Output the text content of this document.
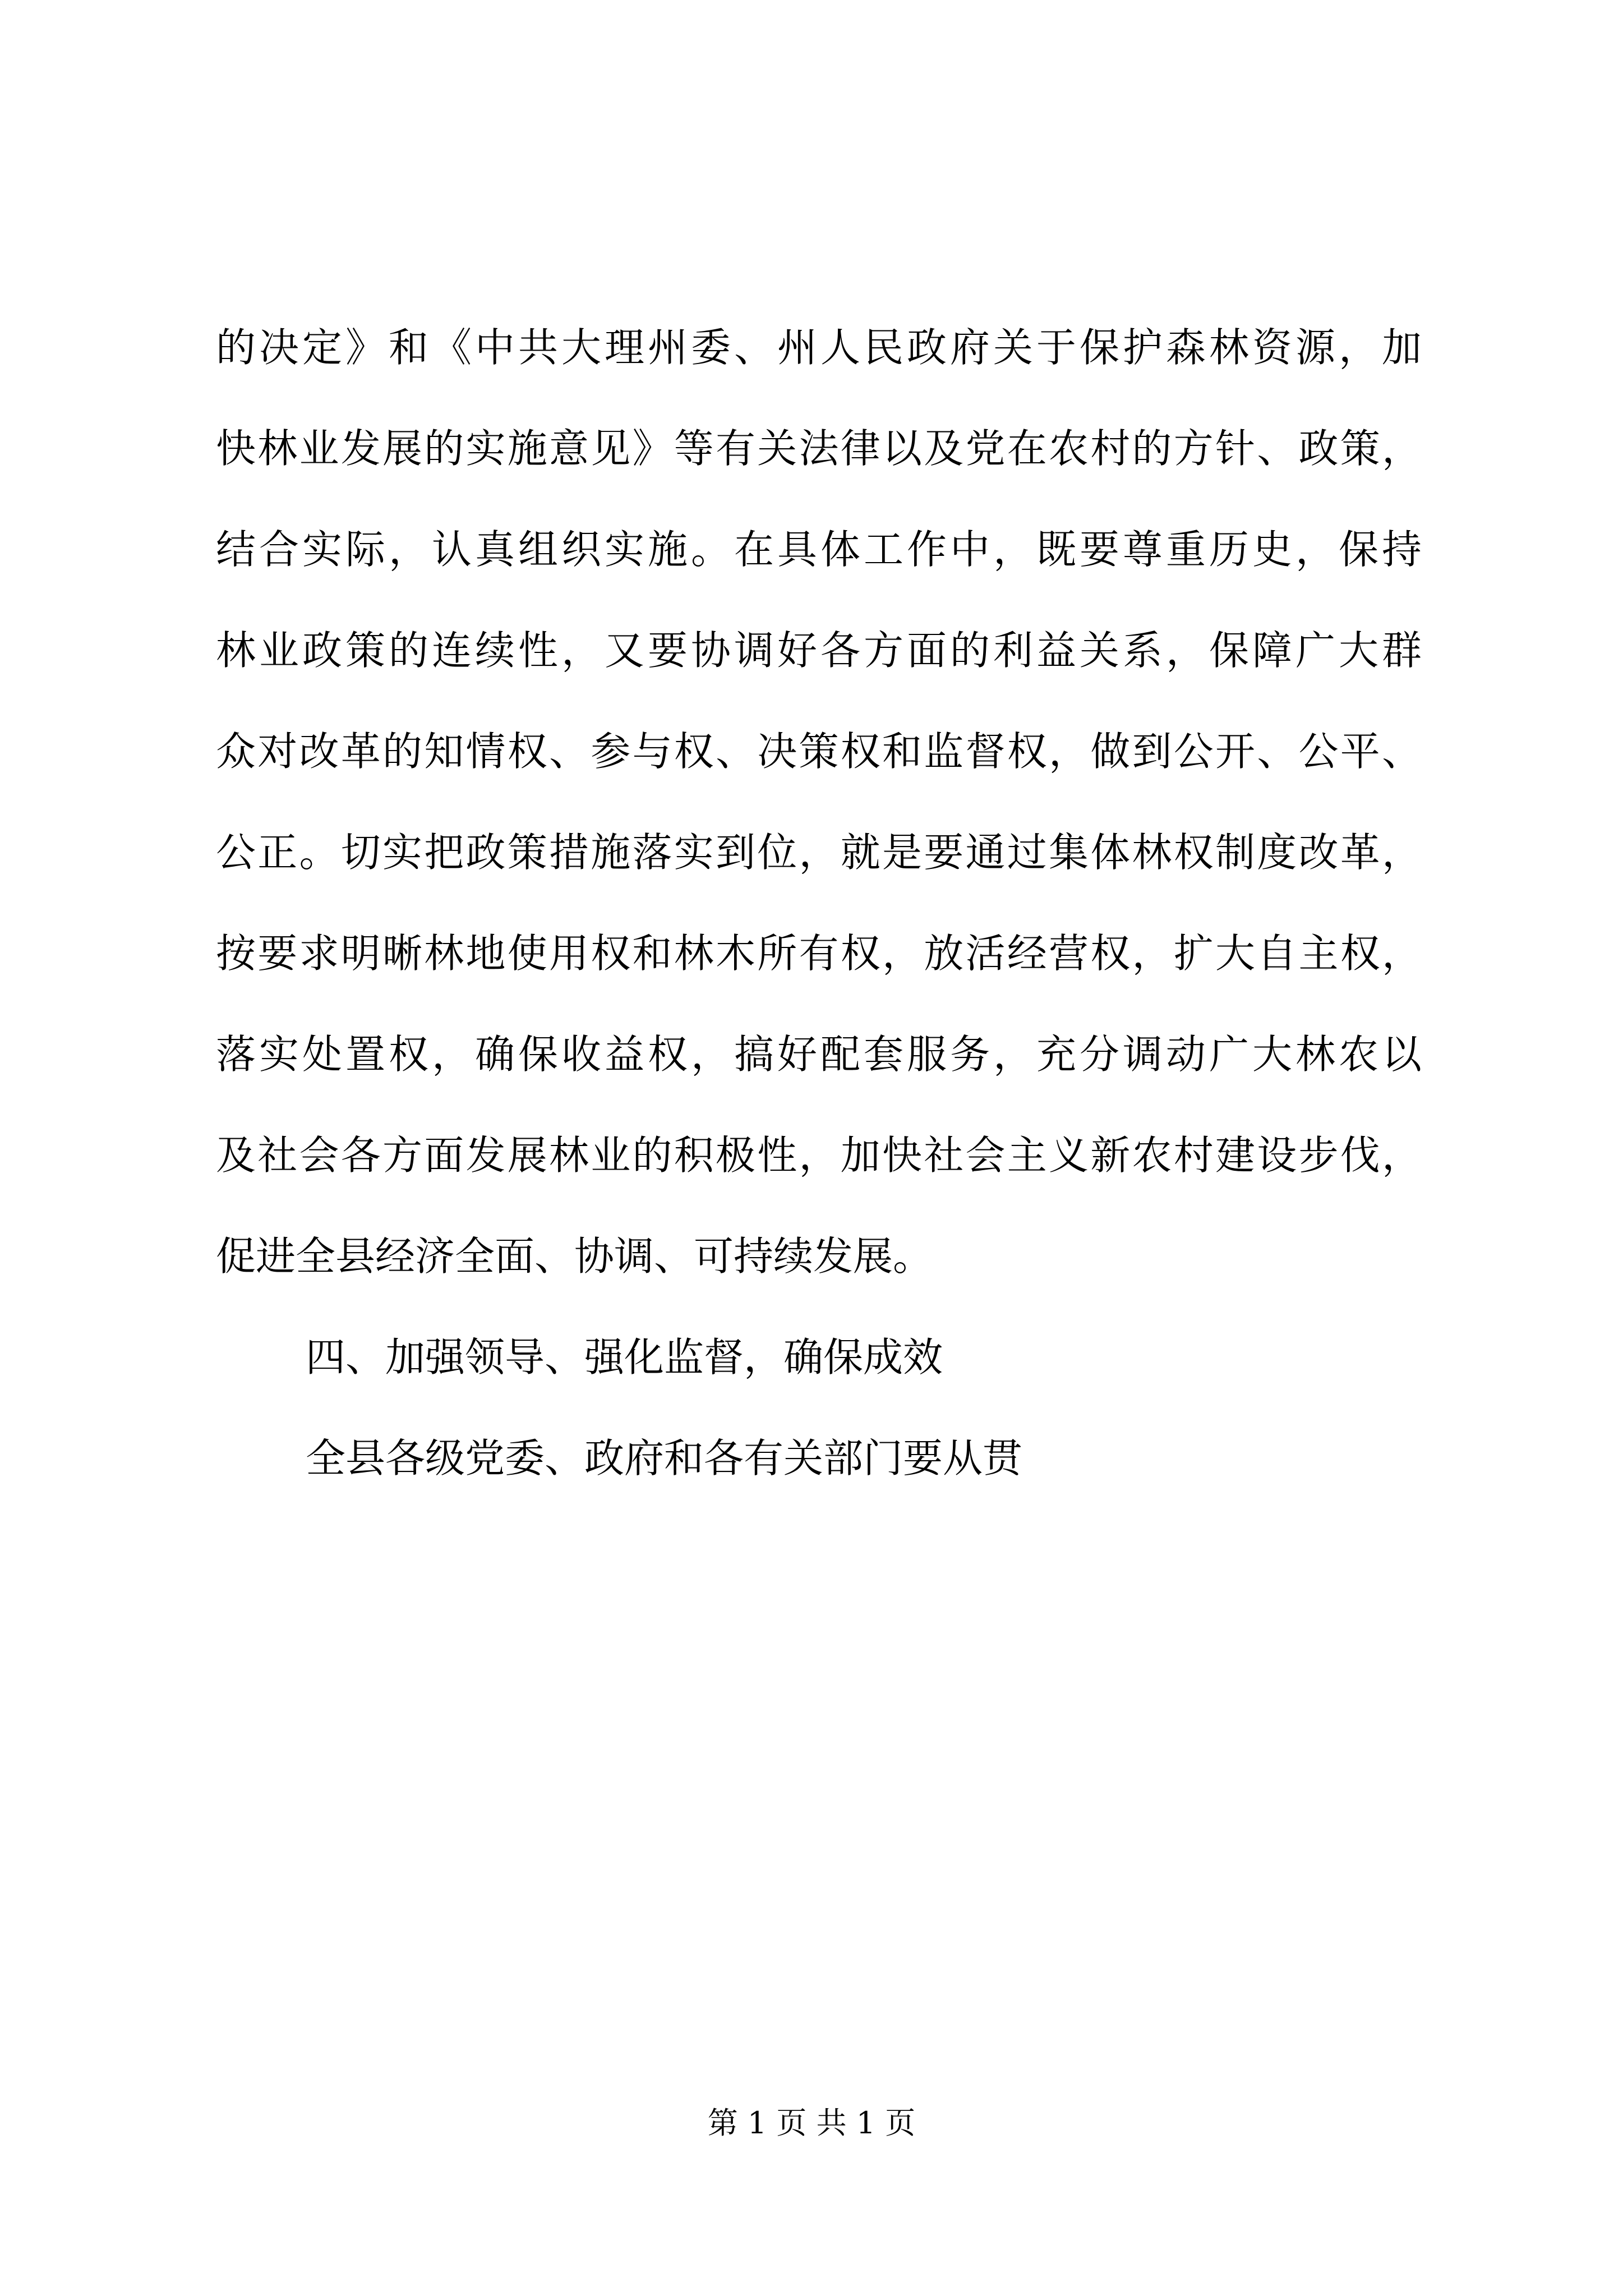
的决定》和《中共大理州委、州人民政府关于保护森林资源，加
快林业发展的实施意见》等有关法律以及党在农村的方针、政策，
结合实际，认真组织实施。在具体工作中，既要尊重历史，保持
林业政策的连续性，又要协调好各方面的利益关系，保障广大群
众对改革的知情权、参与权、决策权和监督权，做到公开、公平、
公正。切实把政策措施落实到位，就是要通过集体林权制度改革，
按要求明晰林地使用权和林木所有权，放活经营权，扩大自主权，
落实处置权，确保收益权，搞好配套服务，充分调动广大林农以
及社会各方面发展林业的积极性，加快社会主义新农村建设步伐，
促进全县经济全面、协调、可持续发展。
四、加强领导、强化监督，确保成效
全县各级党委、政府和各有关部门要从贯
第 1 页 共 1 页
